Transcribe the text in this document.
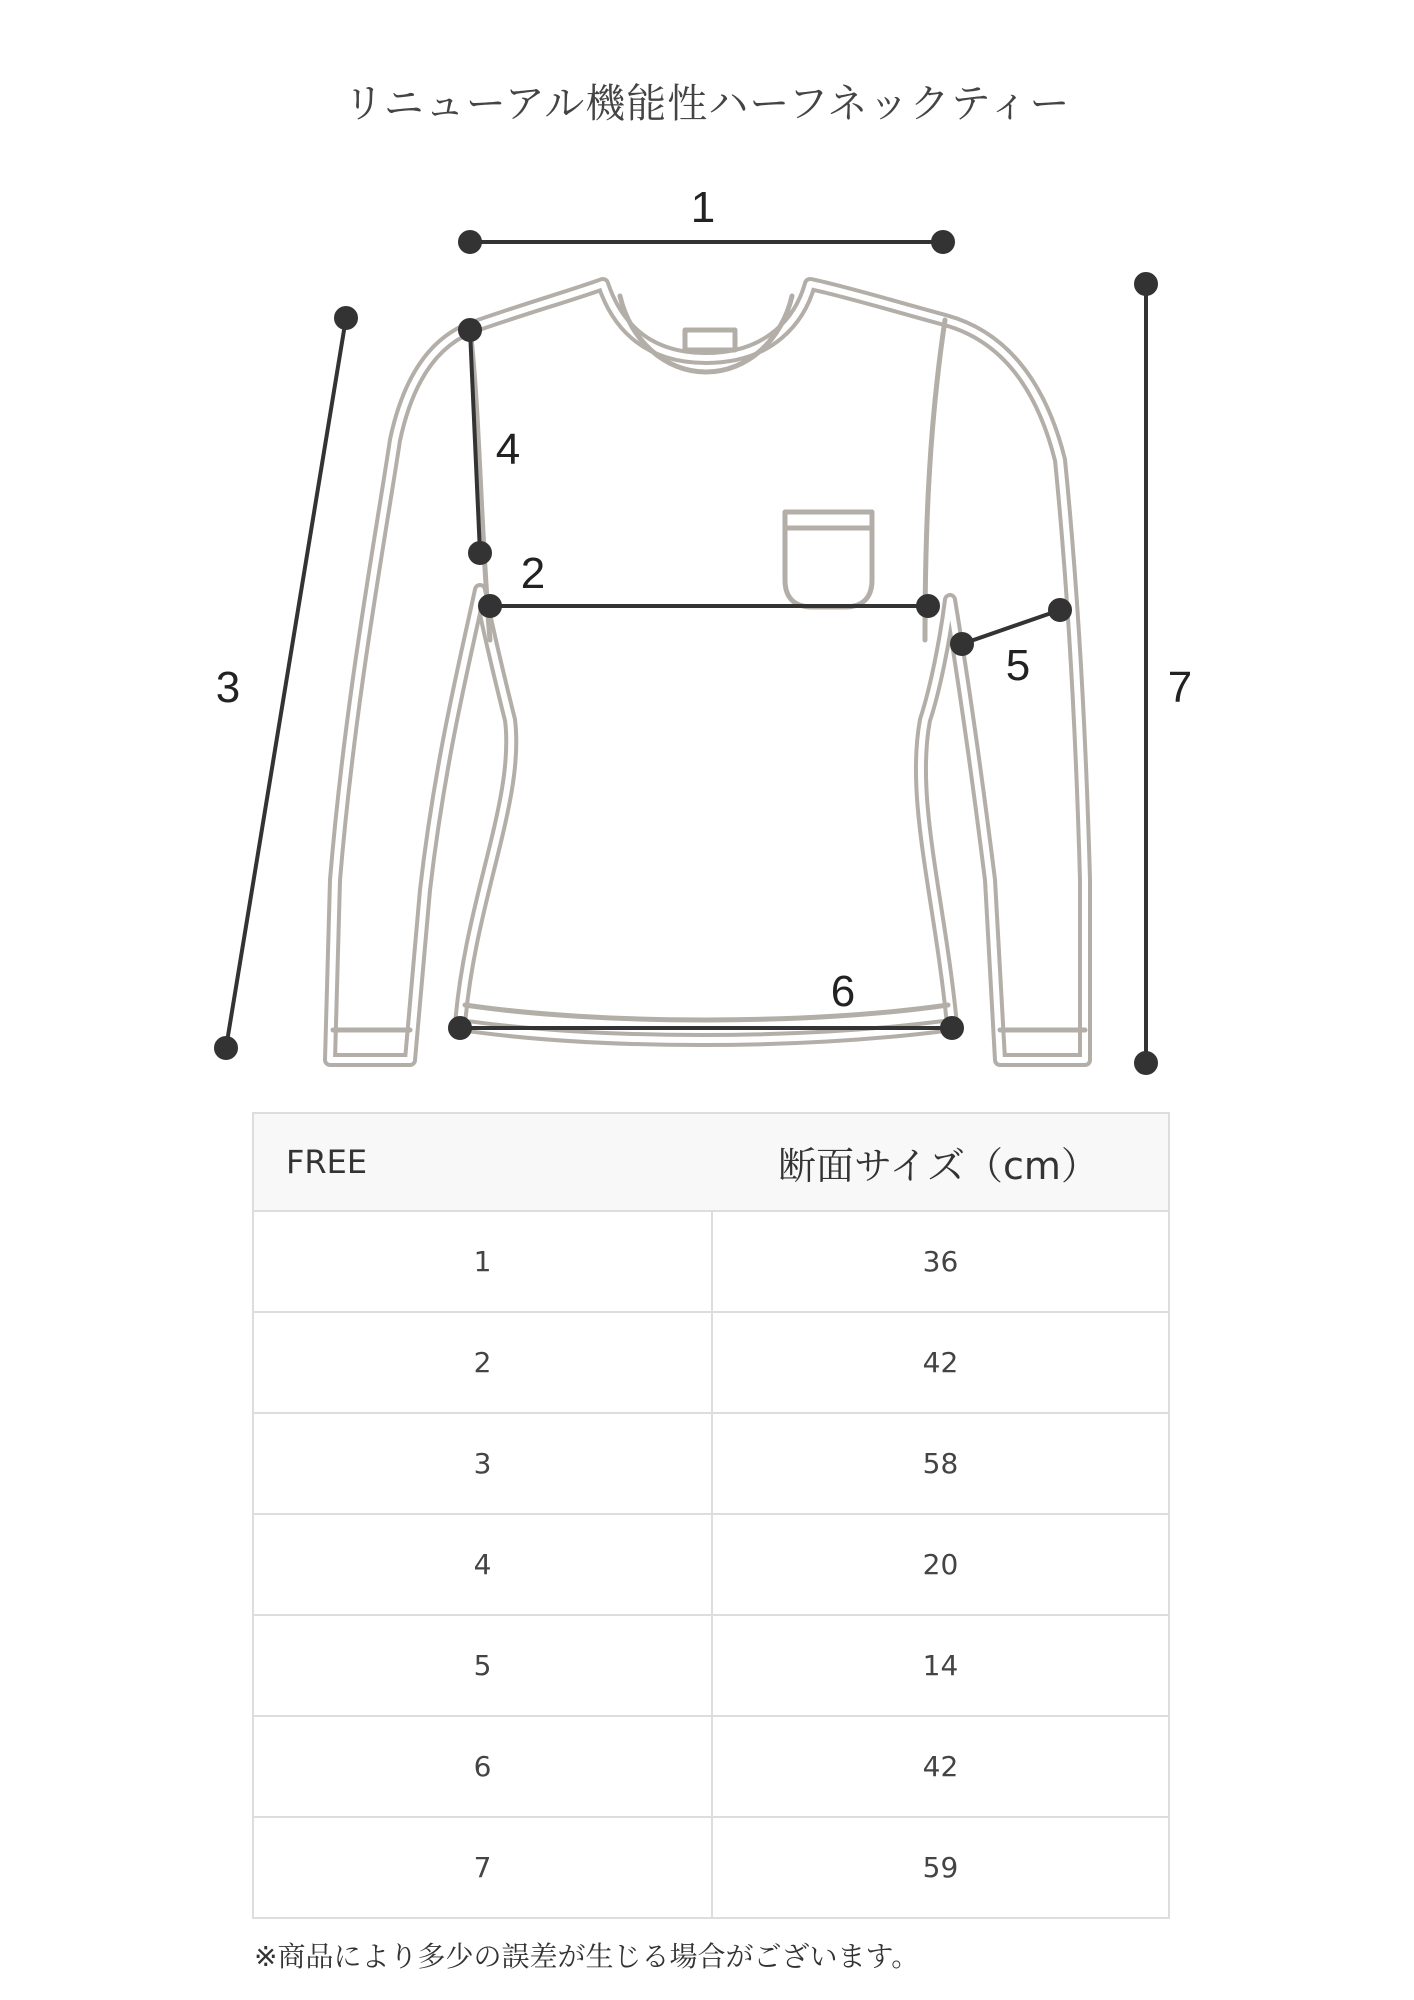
リニューアル機能性ハーフネックティー
1
2
3
4
5
6
7
FREE	断面サイズ（cm）
1	36
2	42
3	58
4	20
5	14
6	42
7	59
※商品により多少の誤差が生じる場合がございます。
